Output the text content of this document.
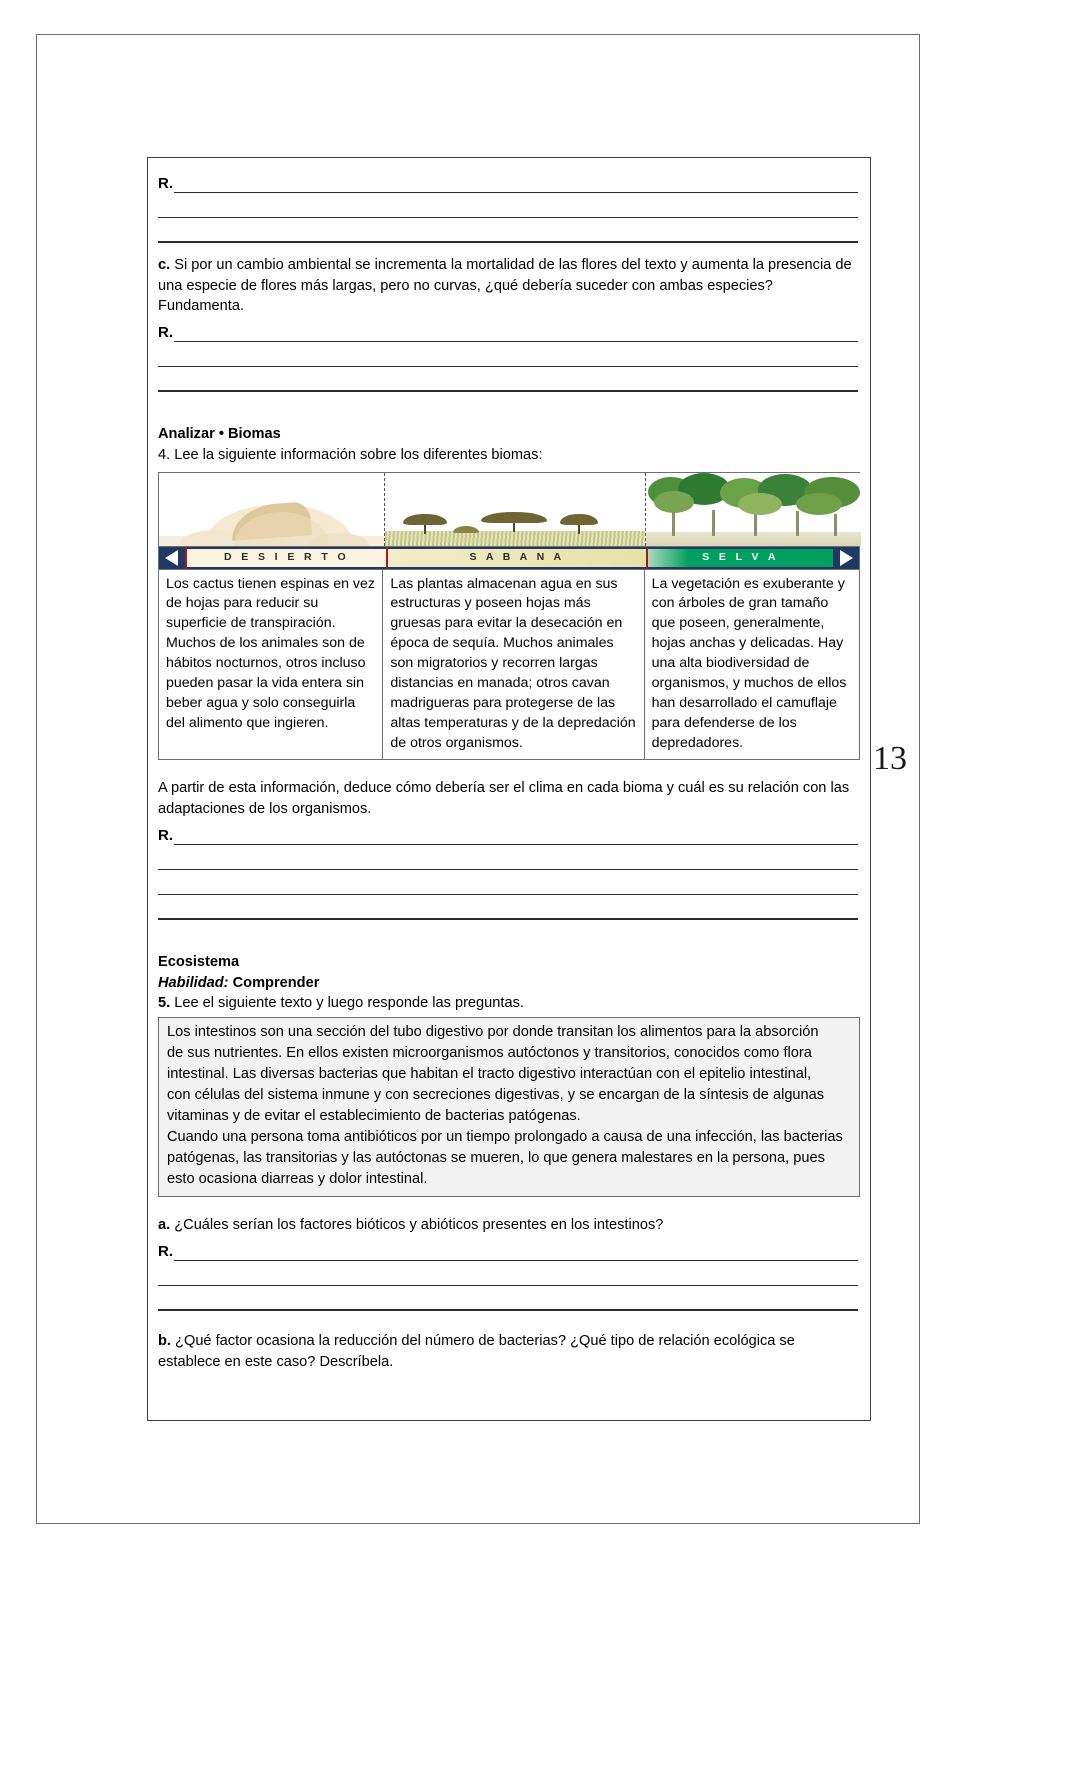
R.

c. Si por un cambio ambiental se incrementa la mortalidad de las flores del texto y aumenta la presencia de una especie de flores más largas, pero no curvas, ¿qué debería suceder con ambas especies? Fundamenta.

R.

Analizar • Biomas

4. Lee la siguiente información sobre los diferentes biomas:

D E S I E R T O	S A B A N A	S E L V A
Los cactus tienen espinas en vez de hojas para reducir su superficie de transpiración. Muchos de los animales son de hábitos nocturnos, otros incluso pueden pasar la vida entera sin beber agua y solo conseguirla del alimento que ingieren.
Las plantas almacenan agua en sus estructuras y poseen hojas más gruesas para evitar la desecación en época de sequía. Muchos animales son migratorios y recorren largas distancias en manada; otros cavan madrigueras para protegerse de las altas temperaturas y de la depredación de otros organismos.
La vegetación es exuberante y con árboles de gran tamaño que poseen, generalmente, hojas anchas y delicadas. Hay una alta biodiversidad de organismos, y muchos de ellos han desarrollado el camuflaje para defenderse de los depredadores.

A partir de esta información, deduce cómo debería ser el clima en cada bioma y cuál es su relación con las adaptaciones de los organismos.

R.

Ecosistema

Habilidad: Comprender

5. Lee el siguiente texto y luego responde las preguntas.

Los intestinos son una sección del tubo digestivo por donde transitan los alimentos para la absorción

de sus nutrientes. En ellos existen microorganismos autóctonos y transitorios, conocidos como flora intestinal. Las diversas bacterias que habitan el tracto digestivo interactúan con el epitelio intestinal,

con células del sistema inmune y con secreciones digestivas, y se encargan de la síntesis de algunas vitaminas y de evitar el establecimiento de bacterias patógenas.

Cuando una persona toma antibióticos por un tiempo prolongado a causa de una infección, las bacterias

patógenas, las transitorias y las autóctonas se mueren, lo que genera malestares en la persona, pues esto ocasiona diarreas y dolor intestinal.

a. ¿Cuáles serían los factores bióticos y abióticos presentes en los intestinos?

R.

b. ¿Qué factor ocasiona la reducción del número de bacterias? ¿Qué tipo de relación ecológica se establece en este caso? Descríbela.

13
